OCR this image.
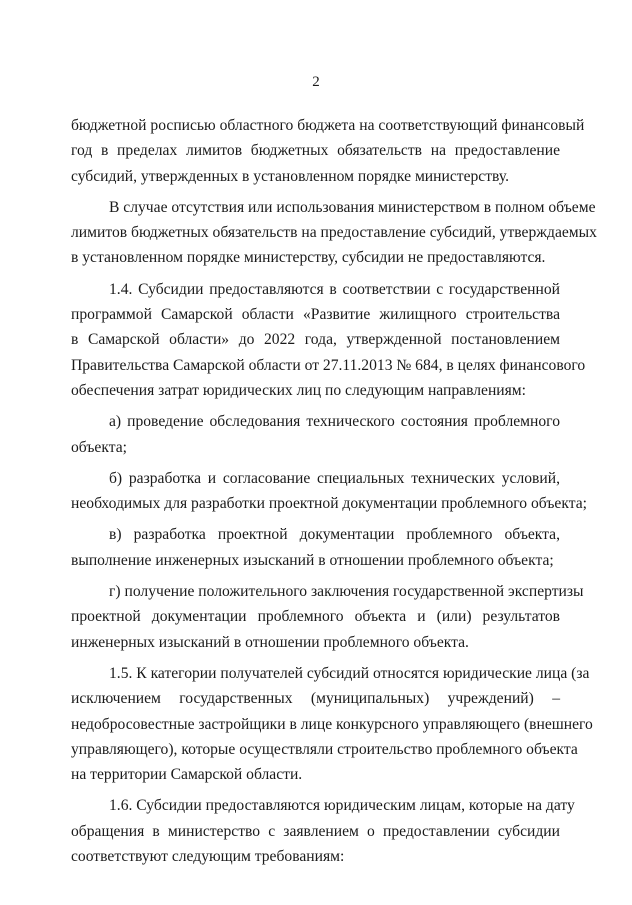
2
бюджетной росписью областного бюджета на соответствующий финансовый
год в пределах лимитов бюджетных обязательств на предоставление
субсидий, утвержденных в установленном порядке министерству.
В случае отсутствия или использования министерством в полном объеме
лимитов бюджетных обязательств на предоставление субсидий, утверждаемых
в установленном порядке министерству, субсидии не предоставляются.
1.4. Субсидии предоставляются в соответствии с государственной
программой Самарской области «Развитие жилищного строительства
в Самарской области» до 2022 года, утвержденной постановлением
Правительства Самарской области от 27.11.2013 № 684, в целях финансового
обеспечения затрат юридических лиц по следующим направлениям:
а) проведение обследования технического состояния проблемного
объекта;
б) разработка и согласование специальных технических условий,
необходимых для разработки проектной документации проблемного объекта;
в) разработка проектной документации проблемного объекта,
выполнение инженерных изысканий в отношении проблемного объекта;
г) получение положительного заключения государственной экспертизы
проектной документации проблемного объекта и (или) результатов
инженерных изысканий в отношении проблемного объекта.
1.5. К категории получателей субсидий относятся юридические лица (за
исключением государственных (муниципальных) учреждений) –
недобросовестные застройщики в лице конкурсного управляющего (внешнего
управляющего), которые осуществляли строительство проблемного объекта
на территории Самарской области.
1.6. Субсидии предоставляются юридическим лицам, которые на дату
обращения в министерство с заявлением о предоставлении субсидии
соответствуют следующим требованиям:
